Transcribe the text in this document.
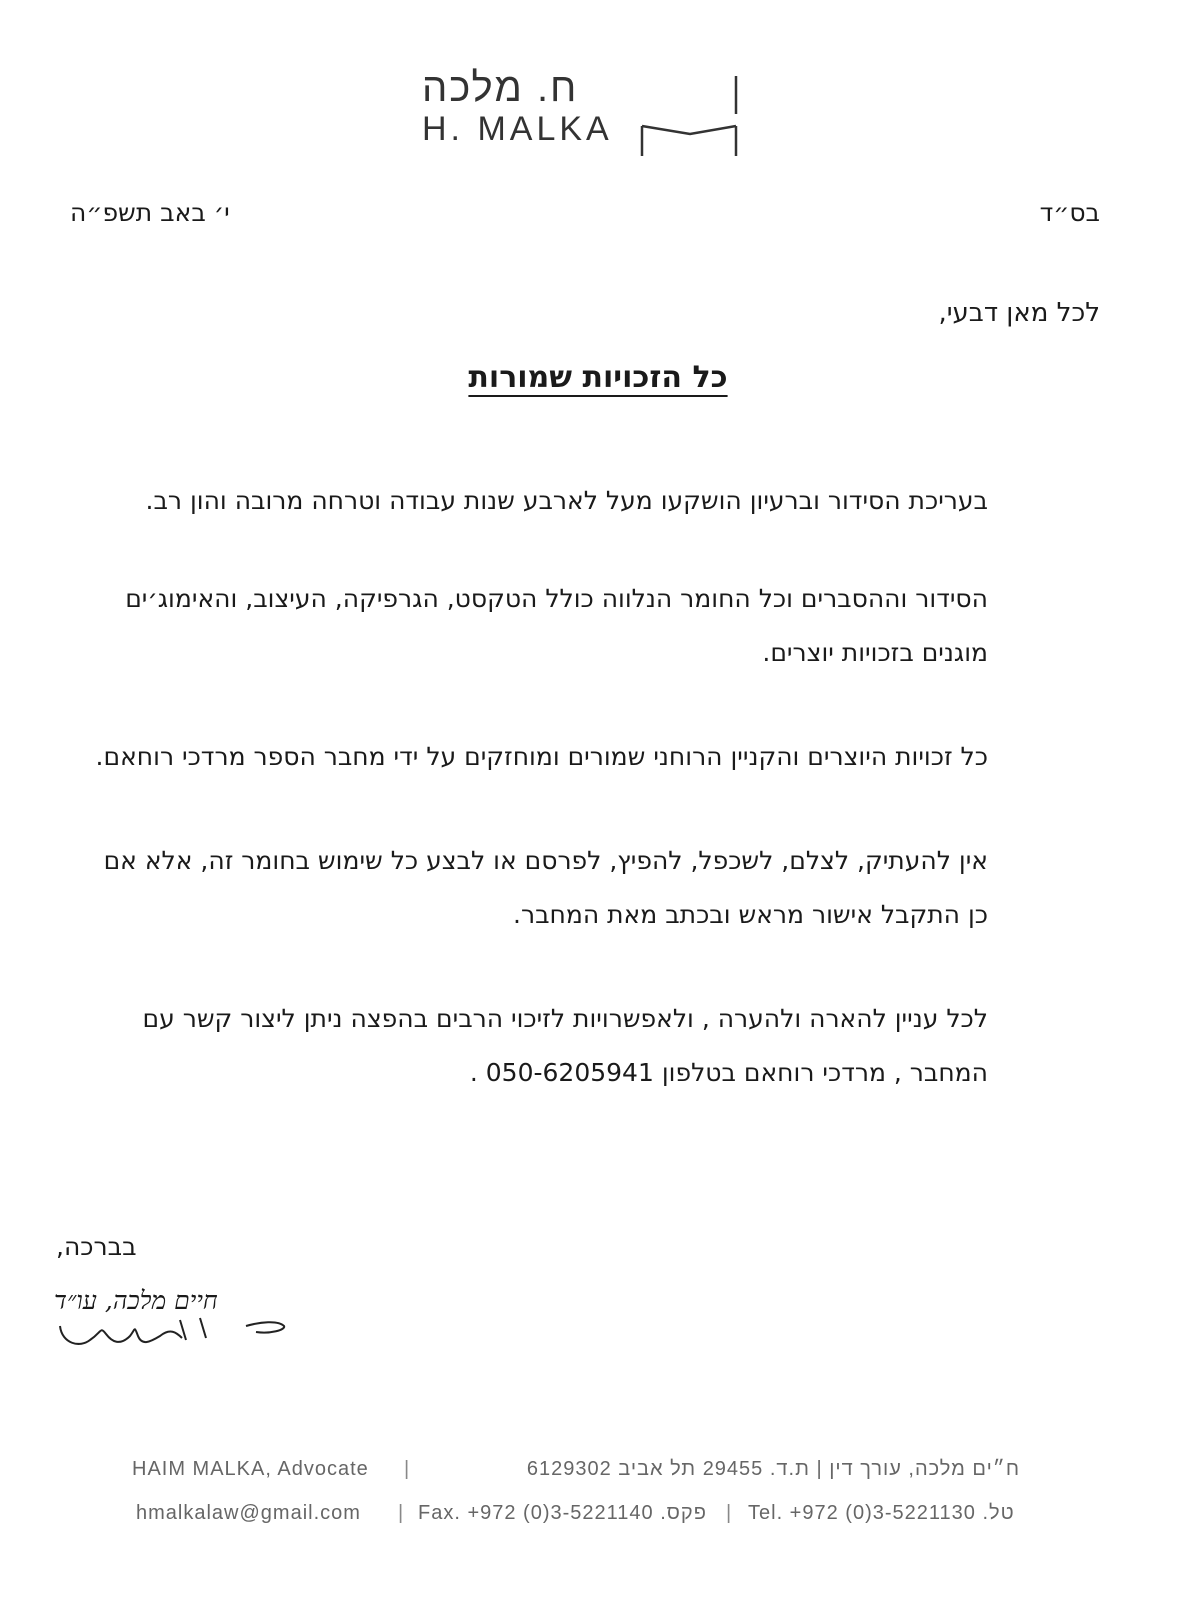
ח. מלכה
H. MALKA
בס״ד
י׳ באב תשפ״ה
לכל מאן דבעי,
כל הזכויות שמורות

בעריכת הסידור וברעיון הושקעו מעל לארבע שנות עבודה וטרחה מרובה והון רב.

הסידור וההסברים וכל החומר הנלווה כולל הטקסט, הגרפיקה, העיצוב, והאימוג׳ים מוגנים בזכויות יוצרים.

כל זכויות היוצרים והקניין הרוחני שמורים ומוחזקים על ידי מחבר הספר מרדכי רוחאם.

אין להעתיק, לצלם, לשכפל, להפיץ, לפרסם או לבצע כל שימוש בחומר זה, אלא אם כן התקבל אישור מראש ובכתב מאת המחבר.

לכל עניין להארה ולהערה , ולאפשרויות לזיכוי הרבים בהפצה ניתן ליצור קשר עם המחבר , מרדכי רוחאם בטלפון 050-6205941 .

בברכה,
חיים מלכה, עו״ד
HAIM MALKA, Advocate |	ח״ים מלכה, עורך דין | ת.ד. 29455 תל אביב 6129302
hmalkalaw@gmail.com | Fax. +972 (0)3-5221140 .פקס | Tel. +972 (0)3-5221130 .טל
